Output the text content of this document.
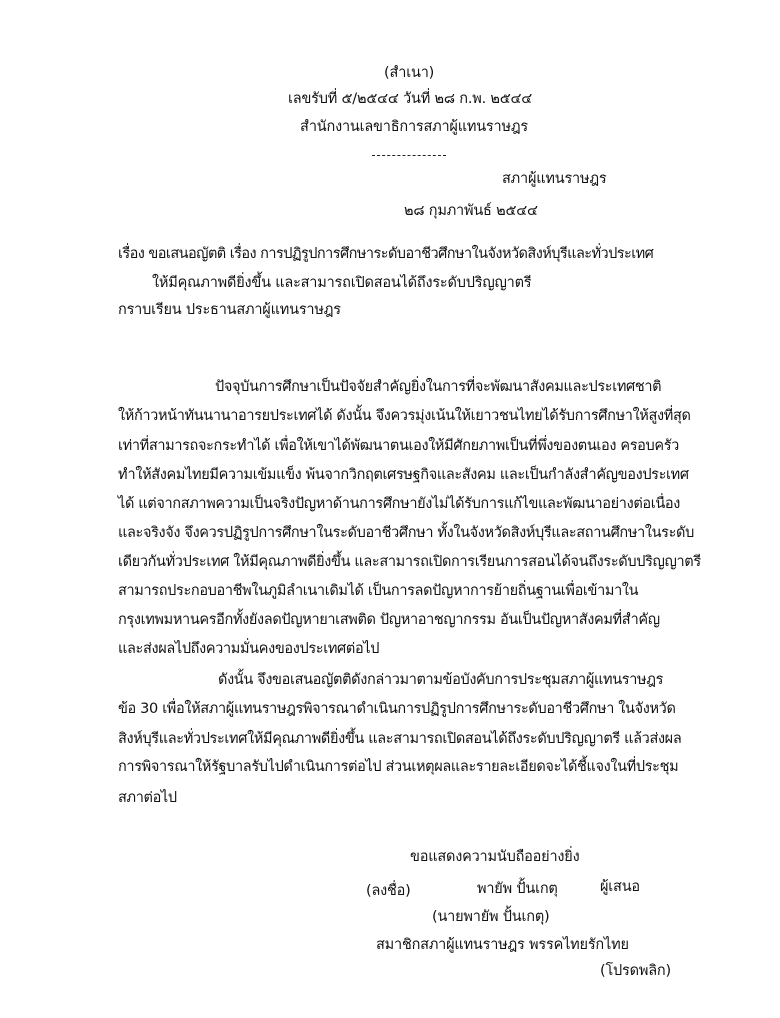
(สำเนา)
เลขรับที่ ๕/๒๕๔๔ วันที่ ๒๘ ก.พ. ๒๕๔๔
สำนักงานเลขาธิการสภาผู้แทนราษฎร
สภาผู้แทนราษฎร
๒๘ กุมภาพันธ์ ๒๕๔๔
เรื่อง ขอเสนอญัตติ เรื่อง การปฏิรูปการศึกษาระดับอาชีวศึกษาในจังหวัดสิงห์บุรีและทั่วประเทศ
ให้มีคุณภาพดียิ่งขึ้น และสามารถเปิดสอนได้ถึงระดับปริญญาตรี
กราบเรียน ประธานสภาผู้แทนราษฎร
ปัจจุบันการศึกษาเป็นปัจจัยสำคัญยิ่งในการที่จะพัฒนาสังคมและประเทศชาติ
ให้ก้าวหน้าทันนานาอารยประเทศได้ ดังนั้น จึงควรมุ่งเน้นให้เยาวชนไทยได้รับการศึกษาให้สูงที่สุด
เท่าที่สามารถจะกระทำได้ เพื่อให้เขาได้พัฒนาตนเองให้มีศักยภาพเป็นที่พึ่งของตนเอง ครอบครัว
ทำให้สังคมไทยมีความเข้มแข็ง พ้นจากวิกฤตเศรษฐกิจและสังคม และเป็นกำลังสำคัญของประเทศ
ได้ แต่จากสภาพความเป็นจริงปัญหาด้านการศึกษายังไม่ได้รับการแก้ไขและพัฒนาอย่างต่อเนื่อง
และจริงจัง จึงควรปฏิรูปการศึกษาในระดับอาชีวศึกษา ทั้งในจังหวัดสิงห์บุรีและสถานศึกษาในระดับ
เดียวกันทั่วประเทศ ให้มีคุณภาพดียิ่งขึ้น และสามารถเปิดการเรียนการสอนได้จนถึงระดับปริญญาตรี
สามารถประกอบอาชีพในภูมิลำเนาเดิมได้ เป็นการลดปัญหาการย้ายถิ่นฐานเพื่อเข้ามาใน
กรุงเทพมหานครอีกทั้งยังลดปัญหายาเสพติด ปัญหาอาชญากรรม อันเป็นปัญหาสังคมที่สำคัญ
และส่งผลไปถึงความมั่นคงของประเทศต่อไป
ดังนั้น จึงขอเสนอญัตติดังกล่าวมาตามข้อบังคับการประชุมสภาผู้แทนราษฎร
ข้อ 30 เพื่อให้สภาผู้แทนราษฎรพิจารณาดำเนินการปฏิรูปการศึกษาระดับอาชีวศึกษา ในจังหวัด
สิงห์บุรีและทั่วประเทศให้มีคุณภาพดียิ่งขึ้น และสามารถเปิดสอนได้ถึงระดับปริญญาตรี แล้วส่งผล
การพิจารณาให้รัฐบาลรับไปดำเนินการต่อไป ส่วนเหตุผลและรายละเอียดจะได้ชี้แจงในที่ประชุม
สภาต่อไป
ขอแสดงความนับถืออย่างยิ่ง
(ลงชื่อ)	พายัพ ปั้นเกตุ	ผู้เสนอ
(นายพายัพ ปั้นเกตุ)
สมาชิกสภาผู้แทนราษฎร พรรคไทยรักไทย
(โปรดพลิก)
